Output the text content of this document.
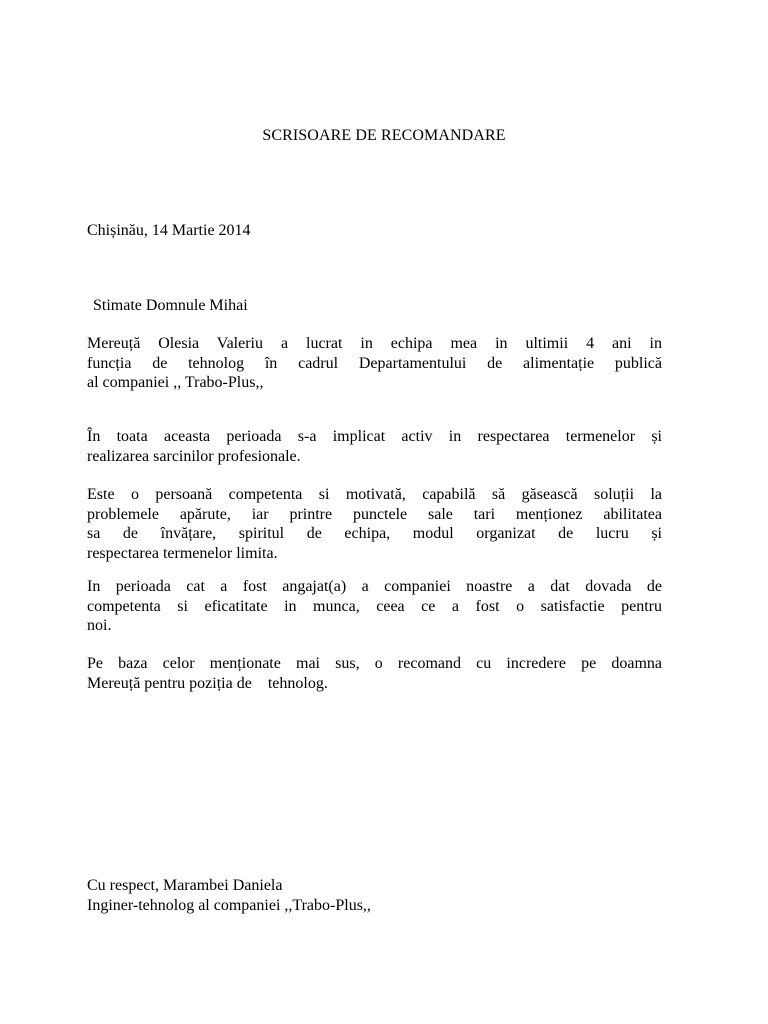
SCRISOARE DE RECOMANDARE
Chișinău, 14 Martie 2014
Stimate Domnule Mihai
Mereuță Olesia Valeriu a lucrat in echipa mea in ultimii 4 ani in
funcția de tehnolog în cadrul Departamentului de alimentație publică
al companiei ,, Trabo-Plus,,
În toata aceasta perioada s-a implicat activ in respectarea termenelor și
realizarea sarcinilor profesionale.
Este o persoană competenta si motivată, capabilă să găsească soluții la
problemele apărute, iar printre punctele sale tari menționez abilitatea
sa de învățare, spiritul de echipa, modul organizat de lucru și
respectarea termenelor limita.
In perioada cat a fost angajat(a) a companiei noastre a dat dovada de
competenta si eficatitate in munca, ceea ce a fost o satisfactie pentru
noi.
Pe baza celor menționate mai sus, o recomand cu incredere pe doamna
Mereuță pentru poziția de    tehnolog.
Cu respect, Marambei Daniela
Inginer-tehnolog al companiei ,,Trabo-Plus,,
